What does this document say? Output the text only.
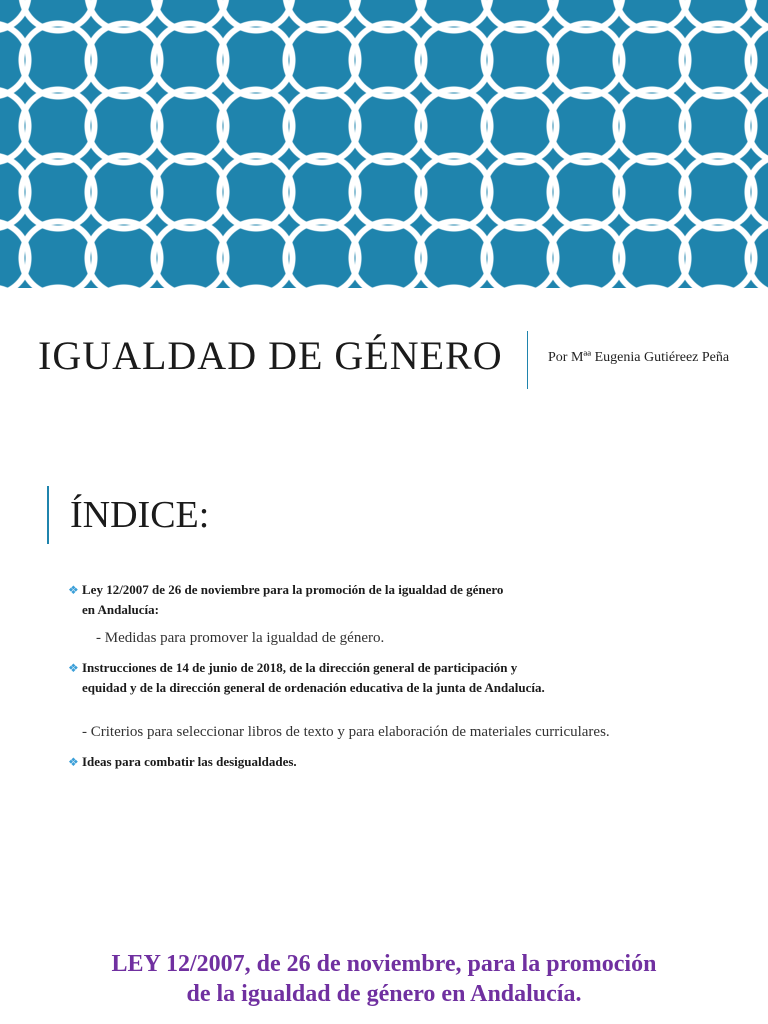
IGUALDAD DE GÉNERO	Por Mªª Eugenia Gutiéreez Peña
ÍNDICE:

❖ Ley 12/2007 de 26 de noviembre para la promoción de la igualdad de género
en Andalucía:

- Medidas para promover la igualdad de género.

❖ Instrucciones de 14 de junio de 2018, de la dirección general de participación y
equidad y de la dirección general de ordenación educativa de la junta de Andalucía.

- Criterios para seleccionar libros de texto y para elaboración de materiales curriculares.

❖ Ideas para combatir las desigualdades.

LEY 12/2007, de 26 de noviembre, para la promoción
de la igualdad de género en Andalucía.
